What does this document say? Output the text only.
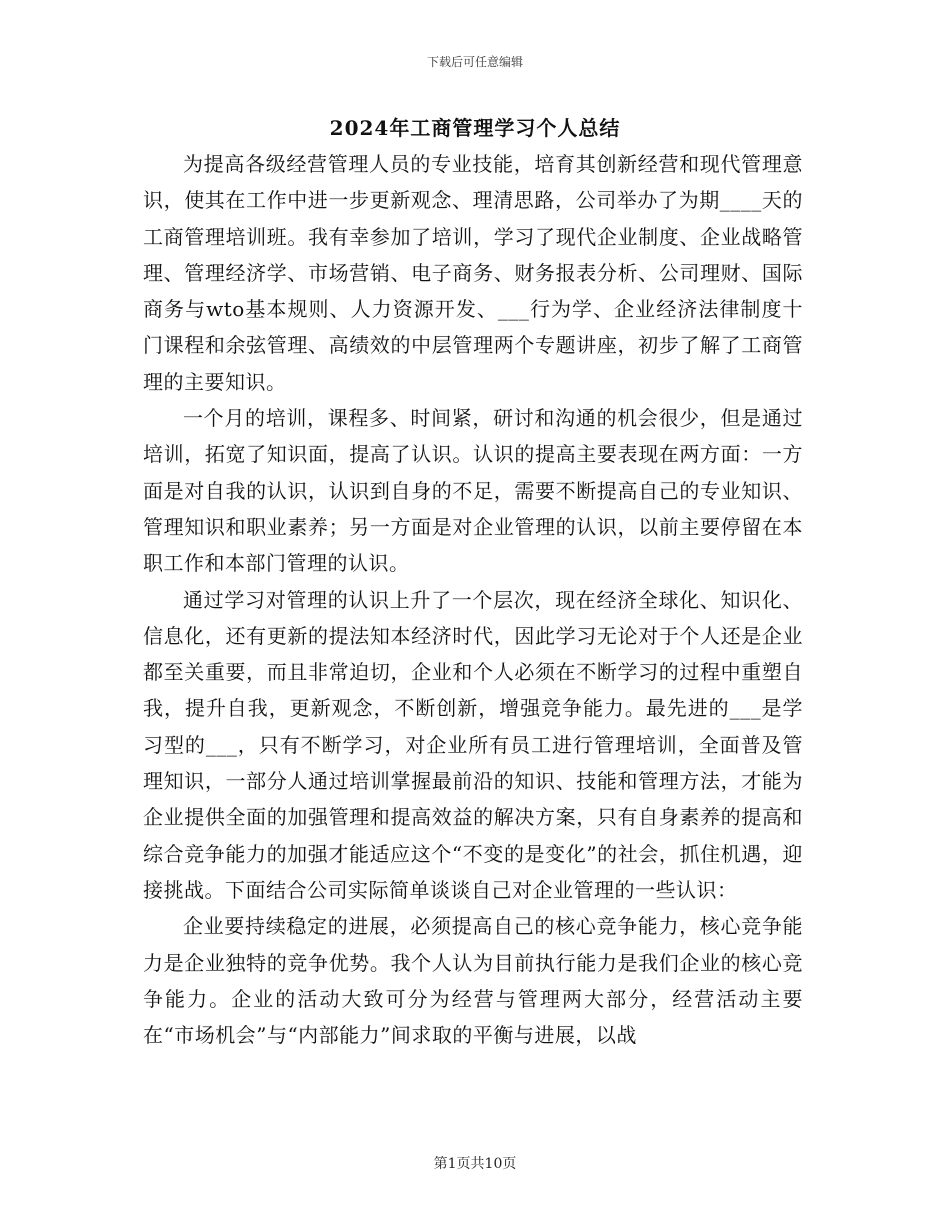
下载后可任意编辑
2024年工商管理学习个人总结

为提高各级经营管理人员的专业技能，培育其创新经营和现代管理意识，使其在工作中进一步更新观念、理清思路，公司举办了为期____天的工商管理培训班。我有幸参加了培训，学习了现代企业制度、企业战略管理、管理经济学、市场营销、电子商务、财务报表分析、公司理财、国际商务与wto基本规则、人力资源开发、___行为学、企业经济法律制度十门课程和余弦管理、高绩效的中层管理两个专题讲座，初步了解了工商管理的主要知识。

一个月的培训，课程多、时间紧，研讨和沟通的机会很少，但是通过培训，拓宽了知识面，提高了认识。认识的提高主要表现在两方面：一方面是对自我的认识，认识到自身的不足，需要不断提高自己的专业知识、管理知识和职业素养；另一方面是对企业管理的认识，以前主要停留在本职工作和本部门管理的认识。

通过学习对管理的认识上升了一个层次，现在经济全球化、知识化、信息化，还有更新的提法知本经济时代，因此学习无论对于个人还是企业都至关重要，而且非常迫切，企业和个人必须在不断学习的过程中重塑自我，提升自我，更新观念，不断创新，增强竞争能力。最先进的___是学习型的___，只有不断学习，对企业所有员工进行管理培训，全面普及管理知识，一部分人通过培训掌握最前沿的知识、技能和管理方法，才能为企业提供全面的加强管理和提高效益的解决方案，只有自身素养的提高和综合竞争能力的加强才能适应这个“不变的是变化”的社会，抓住机遇，迎接挑战。下面结合公司实际简单谈谈自己对企业管理的一些认识：

企业要持续稳定的进展，必须提高自己的核心竞争能力，核心竞争能力是企业独特的竞争优势。我个人认为目前执行能力是我们企业的核心竞争能力。企业的活动大致可分为经营与管理两大部分，经营活动主要在“市场机会”与“内部能力”间求取的平衡与进展，以战

第1页共10页
